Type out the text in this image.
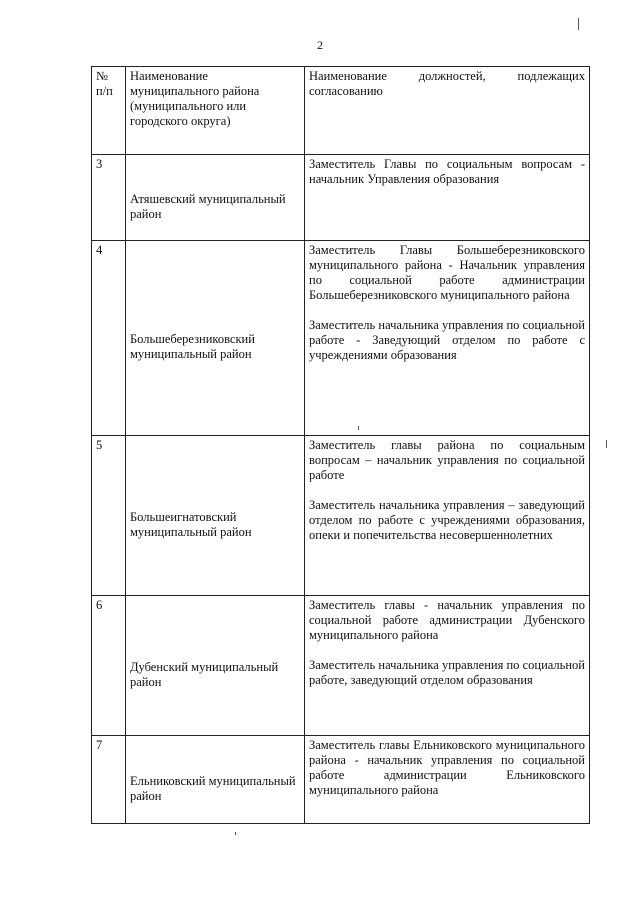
2
№ п/п	Наименование муниципального района (муниципального или городского округа)	Наименование должностей, подлежащих согласованию

3	Атяшевский муниципальный район	Заместитель Главы по социальным вопросам - начальник Управления образования

4	Большеберезниковский муниципальный район	Заместитель Главы Большеберезниковского муниципального района - Начальник управления по социальной работе администрации Большеберезниковского муниципального района
Заместитель начальника управления по социальной работе - Заведующий отделом по работе с учреждениями образования

5	Большеигнатовский муниципальный район	Заместитель главы района по социальным вопросам – начальник управления по социальной работе
Заместитель начальника управления – заведующий отделом по работе с учреждениями образования, опеки и попечительства несовершеннолетних

6	Дубенский муниципальный район	Заместитель главы - начальник управления по социальной работе администрации Дубенского муниципального района
Заместитель начальника управления по социальной работе, заведующий отделом образования

7	Ельниковский муниципальный район	Заместитель главы Ельниковского муниципального района - начальник управления по социальной работе администрации Ельниковского муниципального района
